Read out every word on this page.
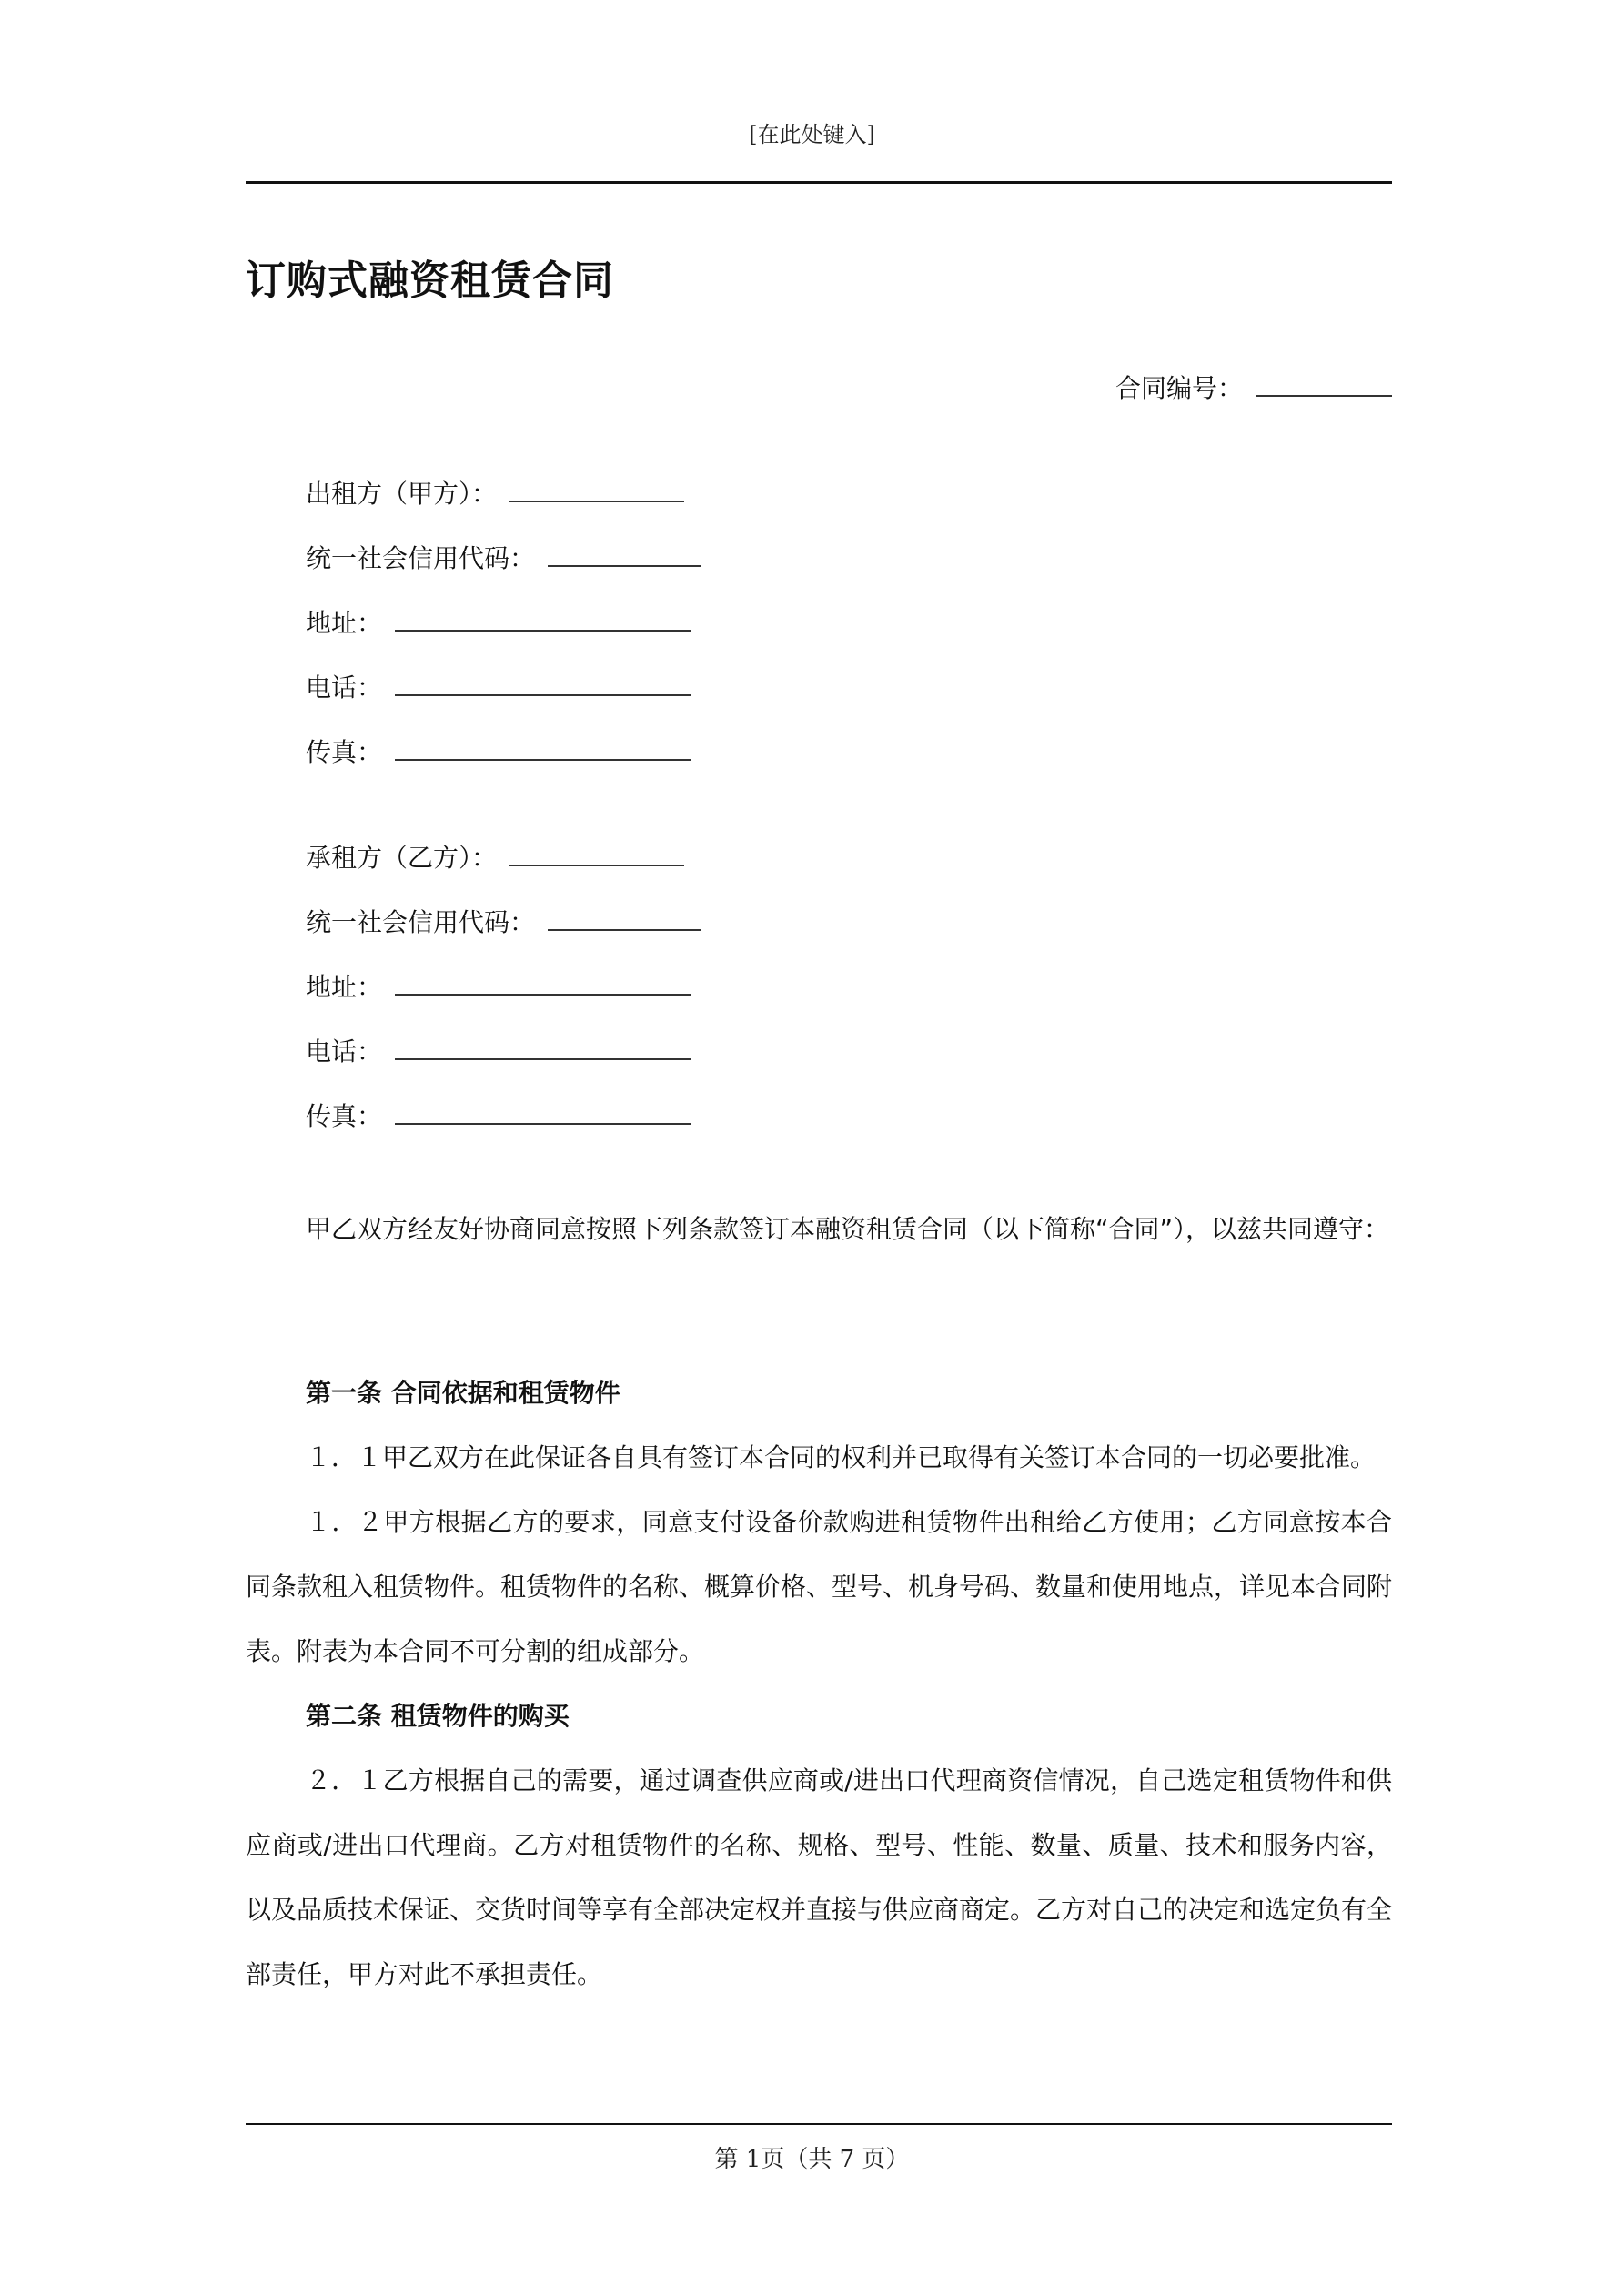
[在此处键入]
订购式融资租赁合同
合同编号：
出租方（甲方）：
统一社会信用代码：
地址：
电话：
传真：
承租方（乙方）：
统一社会信用代码：
地址：
电话：
传真：

甲乙双方经友好协商同意按照下列条款签订本融资租赁合同（以下简称“合同”），以兹共同遵守：

第一条 合同依据和租赁物件

１．１甲乙双方在此保证各自具有签订本合同的权利并已取得有关签订本合同的一切必要批准。

１．２甲方根据乙方的要求，同意支付设备价款购进租赁物件出租给乙方使用；乙方同意按本合同条款租入租赁物件。租赁物件的名称、概算价格、型号、机身号码、数量和使用地点，详见本合同附表。附表为本合同不可分割的组成部分。

第二条 租赁物件的购买

２．１乙方根据自己的需要，通过调查供应商或/进出口代理商资信情况，自己选定租赁物件和供应商或/进出口代理商。乙方对租赁物件的名称、规格、型号、性能、数量、质量、技术和服务内容，以及品质技术保证、交货时间等享有全部决定权并直接与供应商商定。乙方对自己的决定和选定负有全部责任，甲方对此不承担责任。

第 1页（共 7 页）
